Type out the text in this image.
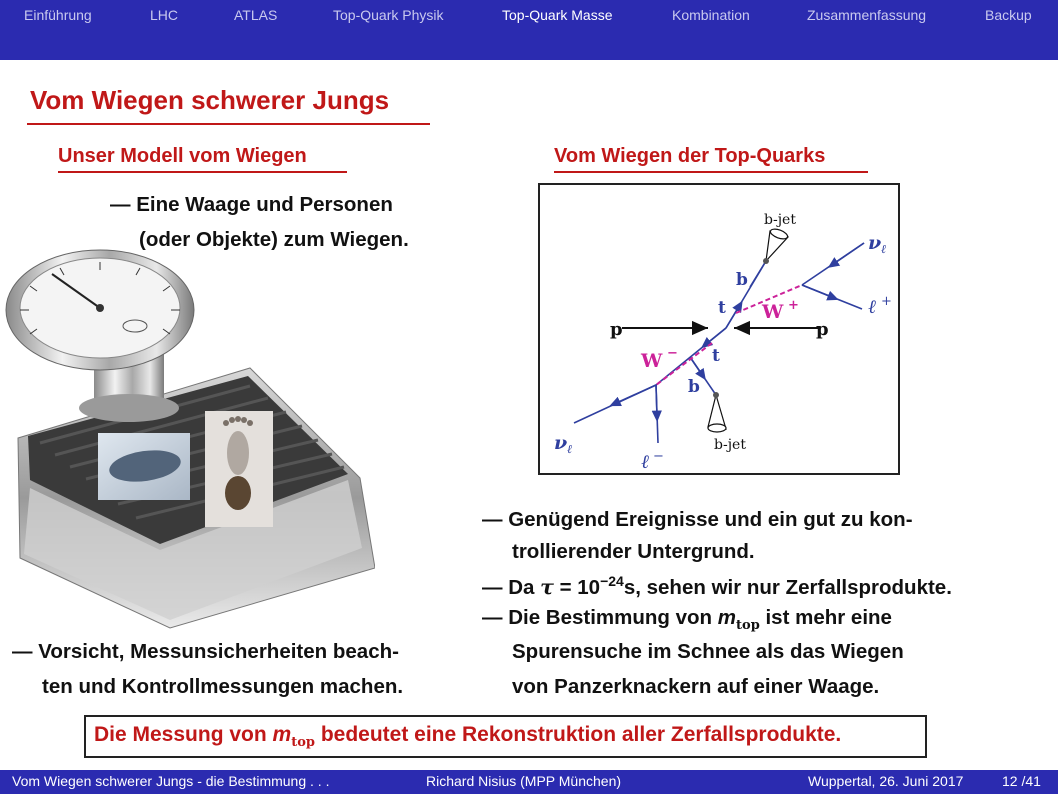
Einführung	LHC	ATLAS	Top-Quark Physik	Top-Quark Masse	Kombination	Zusammenfassung	Backup
Vom Wiegen schwerer Jungs
Unser Modell vom Wiegen
— Eine Waage und Personen
(oder Objekte) zum Wiegen.
— Vorsicht, Messunsicherheiten beach-
ten und Kontrollmessungen machen.
Vom Wiegen der Top-Quarks
p	p
t
t
b
b
W +
W −
b-jet
b-jet
ν ℓ
ℓ +
ν ℓ
ℓ −
— Genügend Ereignisse und ein gut zu kon-
trollierender Untergrund.
— Da $\tau = 10^{-24}s$, sehen wir nur Zerfallsprodukte.
— Die Bestimmung von $m_{top}$ ist mehr eine
Spurensuche im Schnee als das Wiegen
von Panzerknackern auf einer Waage.
Die Messung von $m_{top}$ bedeutet eine Rekonstruktion aller Zerfallsprodukte.
Vom Wiegen schwerer Jungs - die Bestimmung . . .	Richard Nisius (MPP München)	Wuppertal, 26. Juni 2017	12 /41
